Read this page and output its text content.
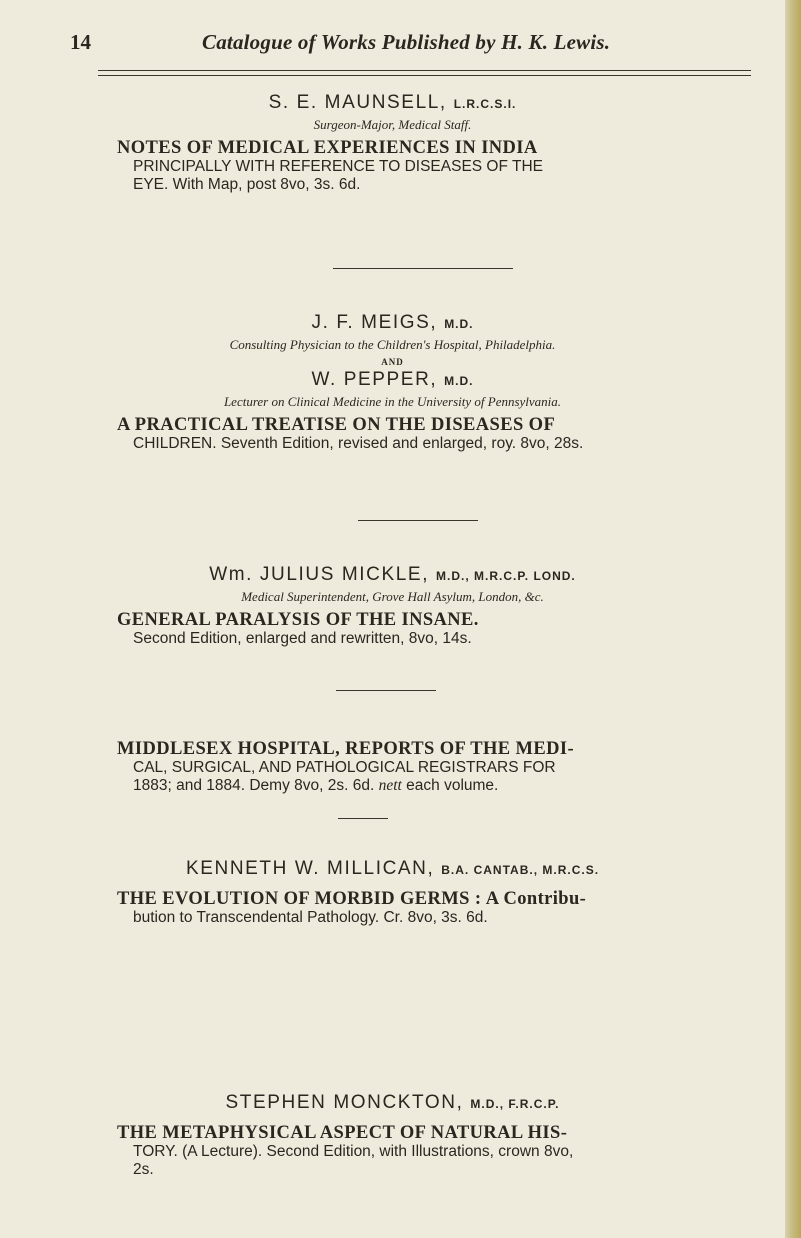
14	Catalogue of Works Published by H. K. Lewis.
S. E. MAUNSELL, L.R.C.S.I.
Surgeon-Major, Medical Staff.
NOTES OF MEDICAL EXPERIENCES IN INDIA

PRINCIPALLY WITH REFERENCE TO DISEASES OF THE
EYE. With Map, post 8vo, 3s. 6d.
J. F. MEIGS, M.D.
Consulting Physician to the Children's Hospital, Philadelphia.
AND
W. PEPPER, M.D.
Lecturer on Clinical Medicine in the University of Pennsylvania.
A PRACTICAL TREATISE ON THE DISEASES OF

CHILDREN. Seventh Edition, revised and enlarged, roy. 8vo, 28s.
Wm. JULIUS MICKLE, M.D., M.R.C.P. LOND.
Medical Superintendent, Grove Hall Asylum, London, &c.
GENERAL PARALYSIS OF THE INSANE.

Second Edition, enlarged and rewritten, 8vo, 14s.
MIDDLESEX HOSPITAL, REPORTS OF THE MEDI-

CAL, SURGICAL, AND PATHOLOGICAL REGISTRARS FOR
1883; and 1884. Demy 8vo, 2s. 6d. nett each volume.
KENNETH W. MILLICAN, B.A. CANTAB., M.R.C.S.
THE EVOLUTION OF MORBID GERMS : A Contribu-

bution to Transcendental Pathology. Cr. 8vo, 3s. 6d.
STEPHEN MONCKTON, M.D., F.R.C.P.
THE METAPHYSICAL ASPECT OF NATURAL HIS-

TORY. (A Lecture). Second Edition, with Illustrations, crown 8vo,
2s.
